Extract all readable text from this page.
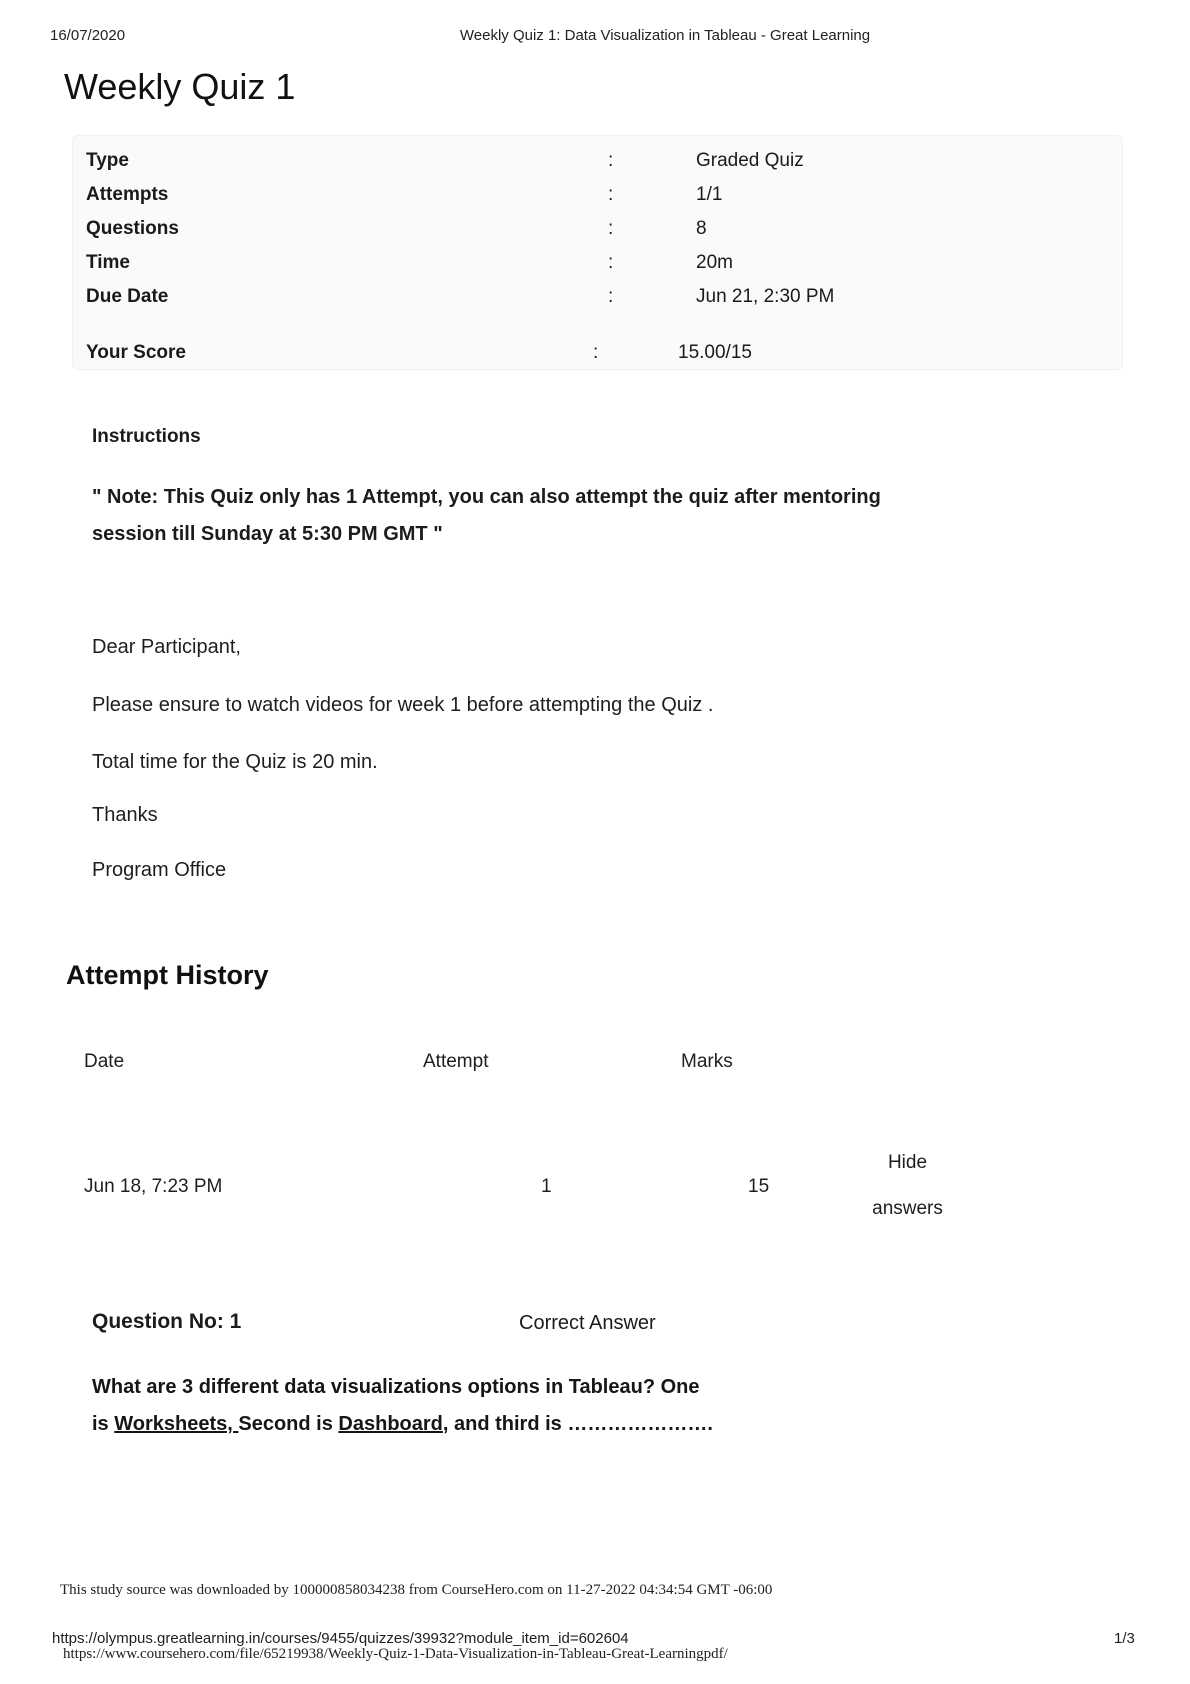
16/07/2020	Weekly Quiz 1: Data Visualization in Tableau - Great Learning
Weekly Quiz 1
Type	:	Graded Quiz
Attempts	:	1/1
Questions	:	8
Time	:	20m
Due Date	:	Jun 21, 2:30 PM
Your Score	:	15.00/15
Instructions
" Note: This Quiz only has 1 Attempt, you can also attempt the quiz after mentoring
session till Sunday at 5:30 PM GMT "
Dear Participant,
Please ensure to watch videos for week 1 before attempting the Quiz .
Total time for the Quiz is 20 min.
Thanks
Program Office
Attempt History
Date	Attempt	Marks
Jun 18, 7:23 PM	1	15
Hide
answers
Question No: 1	Correct Answer
What are 3 different data visualizations options in Tableau? One
is Worksheets, Second is Dashboard, and third is ………………….
This study source was downloaded by 100000858034238 from CourseHero.com on 11-27-2022 04:34:54 GMT -06:00
https://olympus.greatlearning.in/courses/9455/quizzes/39932?module_item_id=602604
https://www.coursehero.com/file/65219938/Weekly-Quiz-1-Data-Visualization-in-Tableau-Great-Learningpdf/
1/3
